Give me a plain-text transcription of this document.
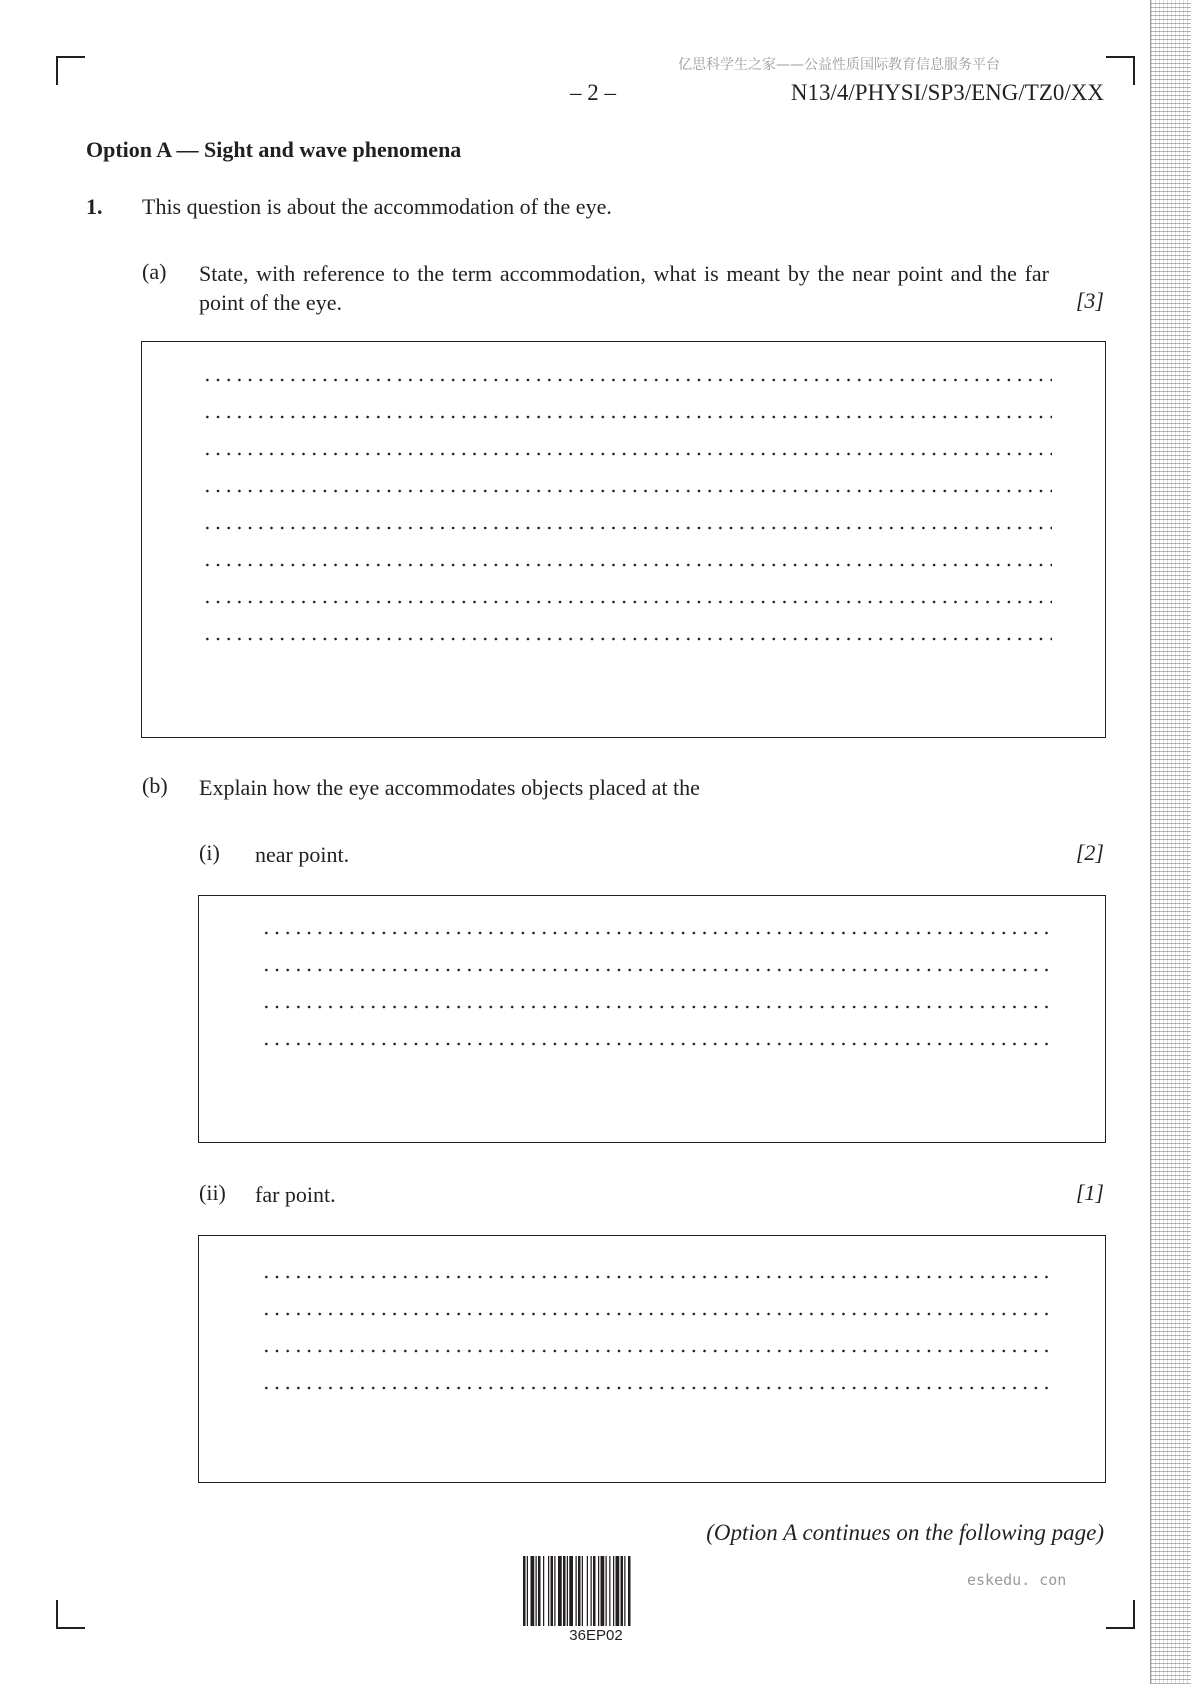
亿思科学生之家——公益性质国际教育信息服务平台
– 2 –	N13/4/PHYSI/SP3/ENG/TZ0/XX
Option A — Sight and wave phenomena
1. This question is about the accommodation of the eye.
(a) State, with reference to the term accommodation, what is meant by the near point and the far point of the eye.	[3]
(b) Explain how the eye accommodates objects placed at the
(i) near point.	[2]
(ii) far point.	[1]
(Option A continues on the following page)
eskedu. con
36EP02
